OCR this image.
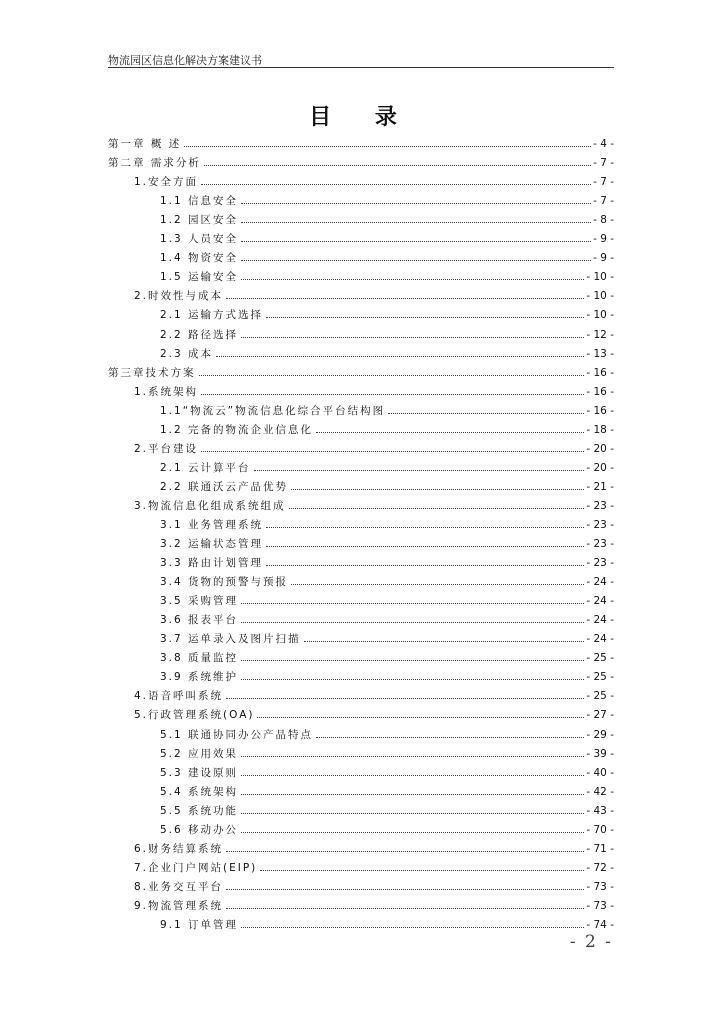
物流园区信息化解决方案建议书
目 录
第一章 概 述	- 4 -
第二章 需求分析	- 7 -
1.安全方面	- 7 -
1.1 信息安全	- 7 -
1.2 园区安全	- 8 -
1.3 人员安全	- 9 -
1.4 物资安全	- 9 -
1.5 运输安全	- 10 -
2.时效性与成本	- 10 -
2.1 运输方式选择	- 10 -
2.2 路径选择	- 12 -
2.3 成本	- 13 -
第三章技术方案	- 16 -
1.系统架构	- 16 -
1.1“物流云”物流信息化综合平台结构图	- 16 -
1.2 完备的物流企业信息化	- 18 -
2.平台建设	- 20 -
2.1 云计算平台	- 20 -
2.2 联通沃云产品优势	- 21 -
3.物流信息化组成系统组成	- 23 -
3.1 业务管理系统	- 23 -
3.2 运输状态管理	- 23 -
3.3 路由计划管理	- 23 -
3.4 货物的预警与预报	- 24 -
3.5 采购管理	- 24 -
3.6 报表平台	- 24 -
3.7 运单录入及图片扫描	- 24 -
3.8 质量监控	- 25 -
3.9 系统维护	- 25 -
4.语音呼叫系统	- 25 -
5.行政管理系统(OA)	- 27 -
5.1 联通协同办公产品特点	- 29 -
5.2 应用效果	- 39 -
5.3 建设原则	- 40 -
5.4 系统架构	- 42 -
5.5 系统功能	- 43 -
5.6 移动办公	- 70 -
6.财务结算系统	- 71 -
7.企业门户网站(EIP)	- 72 -
8.业务交互平台	- 73 -
9.物流管理系统	- 73 -
9.1 订单管理	- 74 -
- 2 -
